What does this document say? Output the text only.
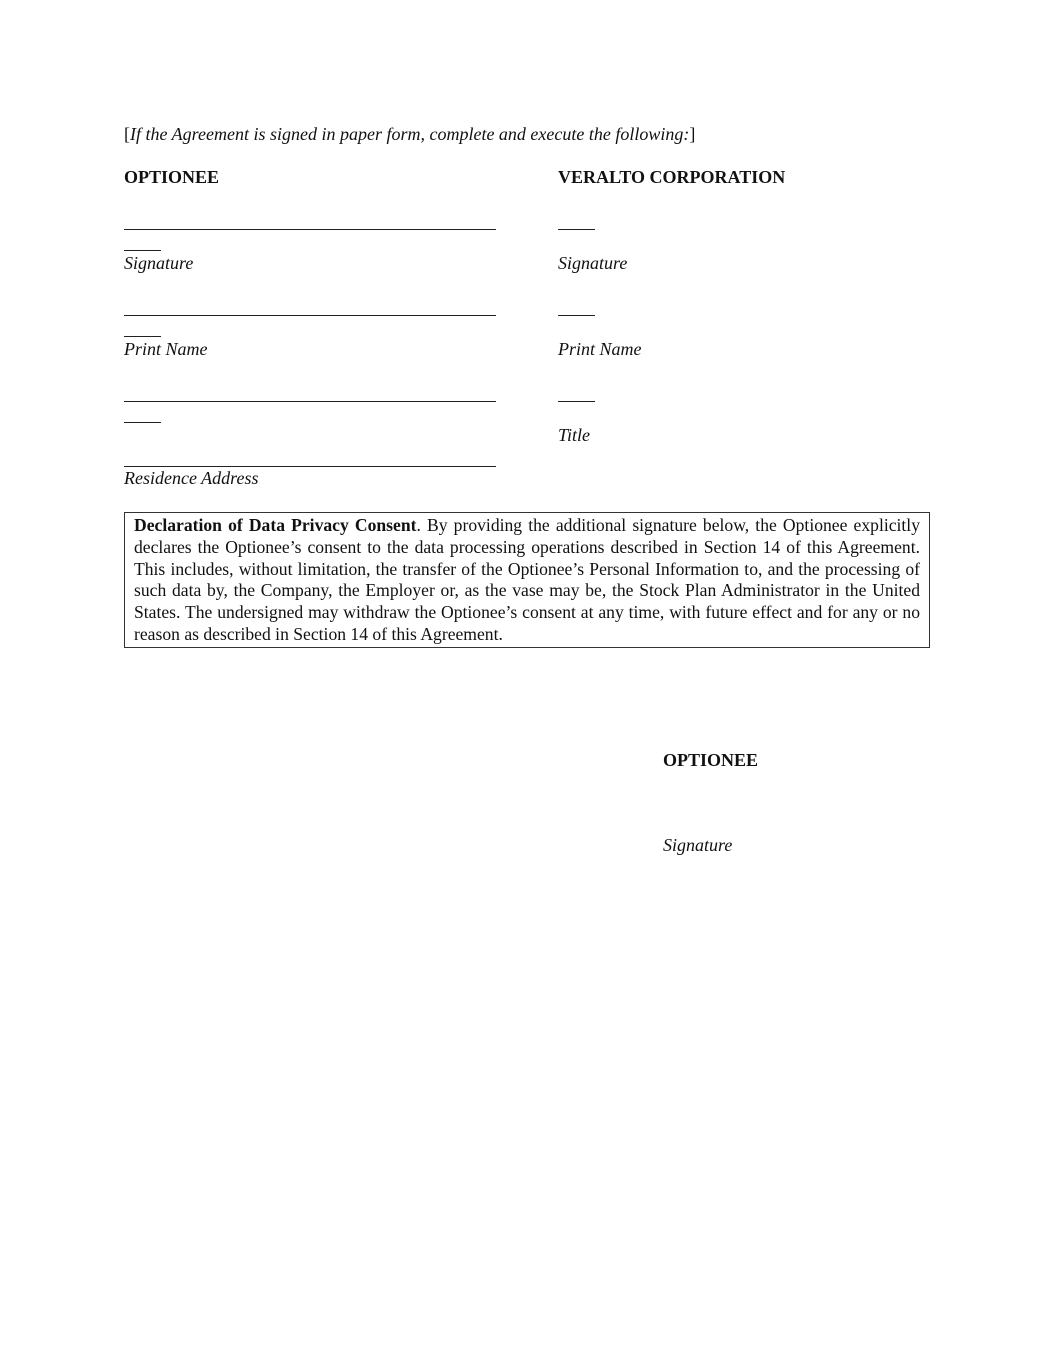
[If the Agreement is signed in paper form, complete and execute the following:]
OPTIONEE
Signature
Print Name
Residence Address
VERALTO CORPORATION
Signature
Print Name
Title
Declaration of Data Privacy Consent. By providing the additional signature below, the Optionee explicitly declares the Optionee’s consent to the data processing operations described in Section 14 of this Agreement. This includes, without limitation, the transfer of the Optionee’s Personal Information to, and the processing of such data by, the Company, the Employer or, as the vase may be, the Stock Plan Administrator in the United States. The undersigned may withdraw the Optionee’s consent at any time, with future effect and for any or no reason as described in Section 14 of this Agreement.
OPTIONEE
Signature
